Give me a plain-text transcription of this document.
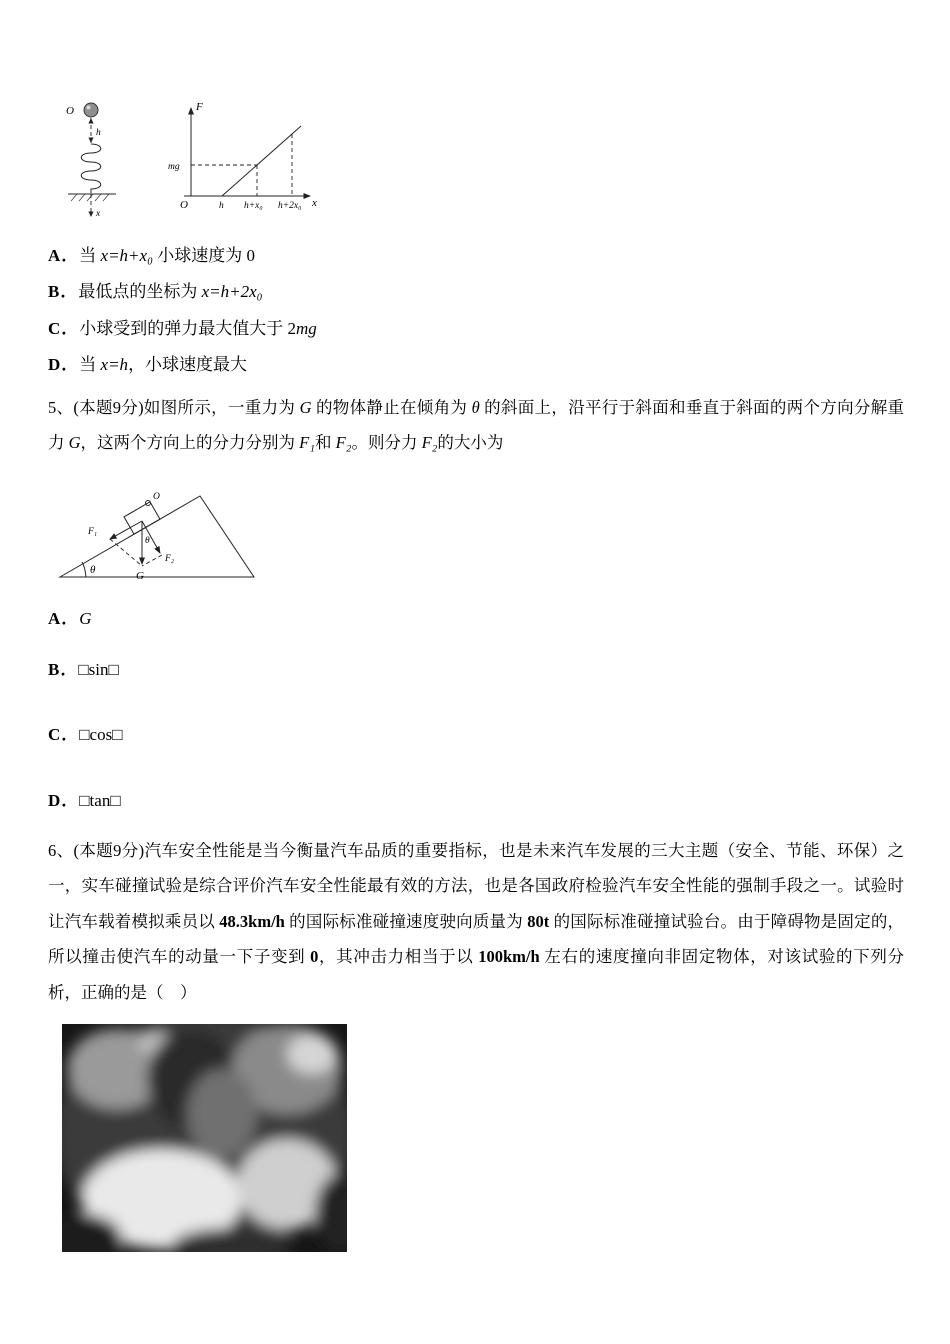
O
h
x
F
x
O
mg
h h+x₀ h+2x₀
A．当 x=h+x₀ 小球速度为 0
B．最低点的坐标为 x=h+2x₀
C．小球受到的弹力最大值大于 2mg
D．当 x=h，小球速度最大

5、(本题9分)如图所示，一重力为 G 的物体静止在倾角为 θ 的斜面上，沿平行于斜面和垂直于斜面的两个方向分解重力 G，这两个方向上的分力分别为 F₁和 F₂。则分力 F₂的大小为

θ
O
F₁
G
F₂
θ
A．G
B．□sin□
C．□cos□
D．□tan□

6、(本题9分)汽车安全性能是当今衡量汽车品质的重要指标，也是未来汽车发展的三大主题（安全、节能、环保）之一，实车碰撞试验是综合评价汽车安全性能最有效的方法，也是各国政府检验汽车安全性能的强制手段之一。试验时让汽车载着模拟乘员以 48.3km/h 的国际标准碰撞速度驶向质量为 80t 的国际标准碰撞试验台。由于障碍物是固定的，所以撞击使汽车的动量一下子变到 0，其冲击力相当于以 100km/h 左右的速度撞向非固定物体，对该试验的下列分析，正确的是（　）
